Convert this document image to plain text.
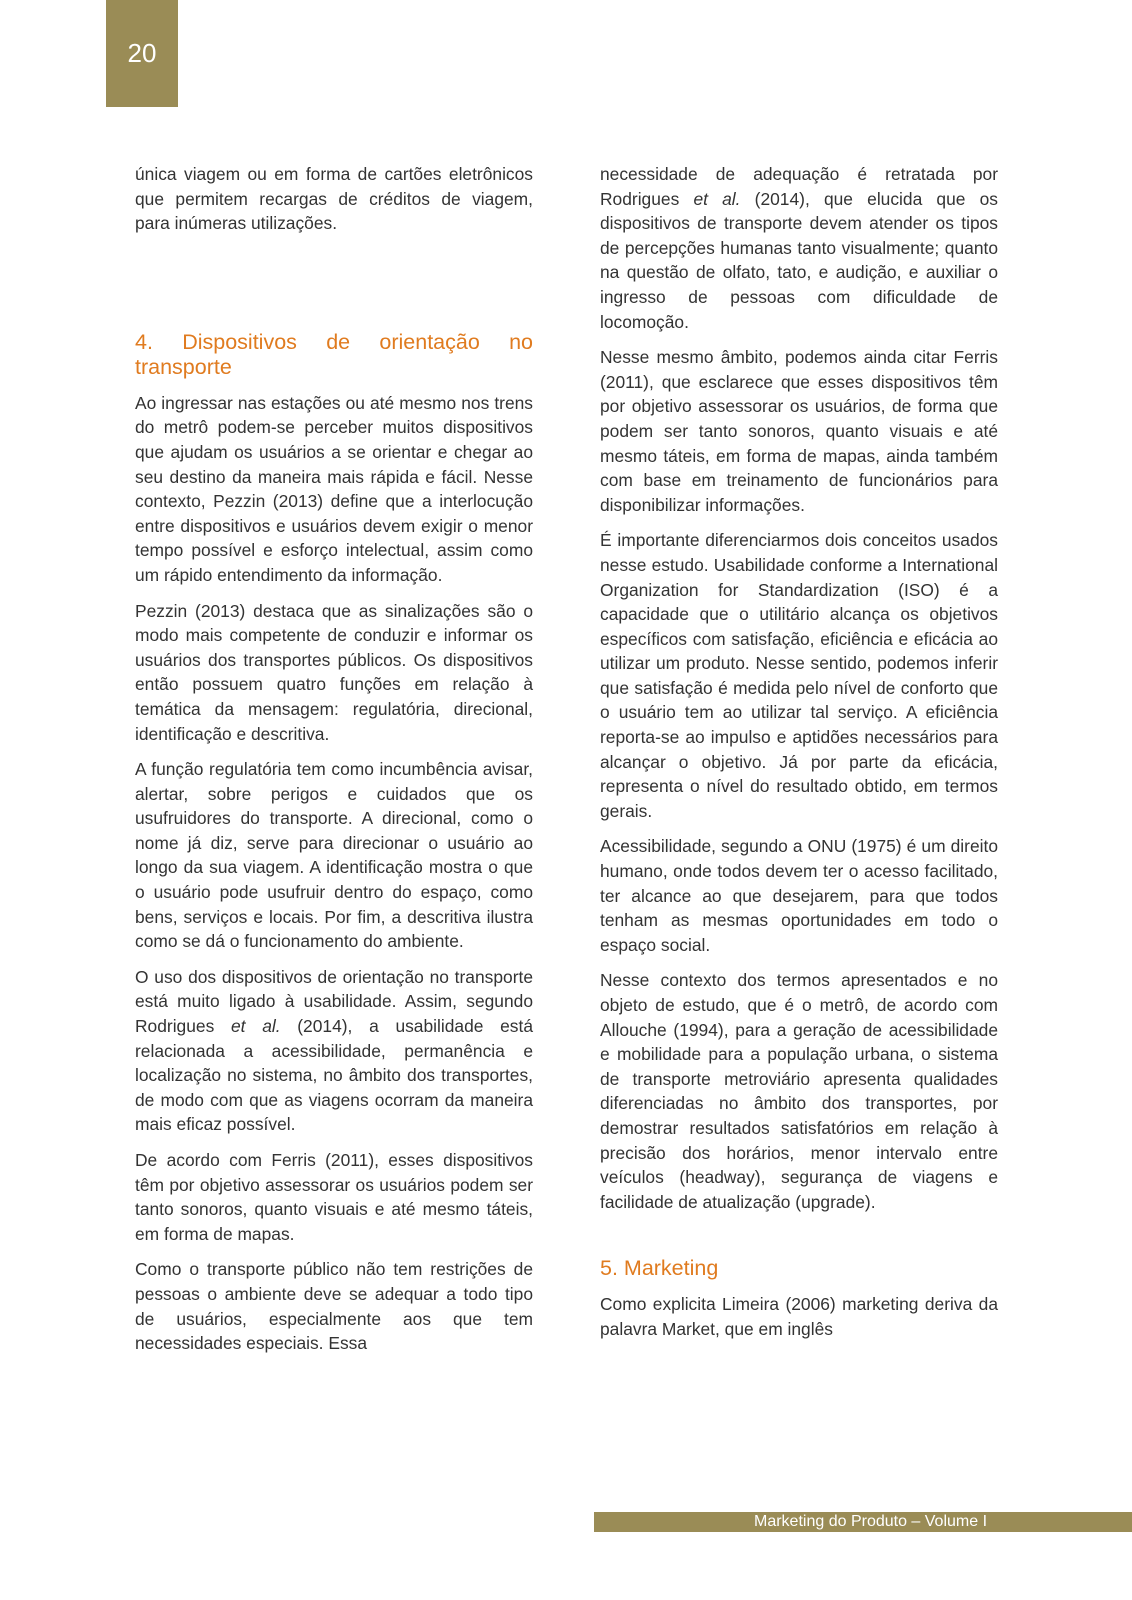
20

única viagem ou em forma de cartões eletrônicos que permitem recargas de créditos de viagem, para inúmeras utilizações.

4. Dispositivos de orientação no transporte

Ao ingressar nas estações ou até mesmo nos trens do metrô podem-se perceber muitos dispositivos que ajudam os usuários a se orientar e chegar ao seu destino da maneira mais rápida e fácil. Nesse contexto, Pezzin (2013) define que a interlocução entre dispositivos e usuários devem exigir o menor tempo possível e esforço intelectual, assim como um rápido entendimento da informação.

Pezzin (2013) destaca que as sinalizações são o modo mais competente de conduzir e informar os usuários dos transportes públicos. Os dispositivos então possuem quatro funções em relação à temática da mensagem: regulatória, direcional, identificação e descritiva.

A função regulatória tem como incumbência avisar, alertar, sobre perigos e cuidados que os usufruidores do transporte. A direcional, como o nome já diz, serve para direcionar o usuário ao longo da sua viagem. A identificação mostra o que o usuário pode usufruir dentro do espaço, como bens, serviços e locais. Por fim, a descritiva ilustra como se dá o funcionamento do ambiente.

O uso dos dispositivos de orientação no transporte está muito ligado à usabilidade. Assim, segundo Rodrigues et al. (2014), a usabilidade está relacionada a acessibilidade, permanência e localização no sistema, no âmbito dos transportes, de modo com que as viagens ocorram da maneira mais eficaz possível.

De acordo com Ferris (2011), esses dispositivos têm por objetivo assessorar os usuários podem ser tanto sonoros, quanto visuais e até mesmo táteis, em forma de mapas.

Como o transporte público não tem restrições de pessoas o ambiente deve se adequar a todo tipo de usuários, especialmente aos que tem necessidades especiais. Essa

necessidade de adequação é retratada por Rodrigues et al. (2014), que elucida que os dispositivos de transporte devem atender os tipos de percepções humanas tanto visualmente; quanto na questão de olfato, tato, e audição, e auxiliar o ingresso de pessoas com dificuldade de locomoção.

Nesse mesmo âmbito, podemos ainda citar Ferris (2011), que esclarece que esses dispositivos têm por objetivo assessorar os usuários, de forma que podem ser tanto sonoros, quanto visuais e até mesmo táteis, em forma de mapas, ainda também com base em treinamento de funcionários para disponibilizar informações.

É importante diferenciarmos dois conceitos usados nesse estudo. Usabilidade conforme a International Organization for Standardization (ISO) é a capacidade que o utilitário alcança os objetivos específicos com satisfação, eficiência e eficácia ao utilizar um produto. Nesse sentido, podemos inferir que satisfação é medida pelo nível de conforto que o usuário tem ao utilizar tal serviço. A eficiência reporta-se ao impulso e aptidões necessários para alcançar o objetivo. Já por parte da eficácia, representa o nível do resultado obtido, em termos gerais.

Acessibilidade, segundo a ONU (1975) é um direito humano, onde todos devem ter o acesso facilitado, ter alcance ao que desejarem, para que todos tenham as mesmas oportunidades em todo o espaço social.

Nesse contexto dos termos apresentados e no objeto de estudo, que é o metrô, de acordo com Allouche (1994), para a geração de acessibilidade e mobilidade para a população urbana, o sistema de transporte metroviário apresenta qualidades diferenciadas no âmbito dos transportes, por demostrar resultados satisfatórios em relação à precisão dos horários, menor intervalo entre veículos (headway), segurança de viagens e facilidade de atualização (upgrade).

5. Marketing

Como explicita Limeira (2006) marketing deriva da palavra Market, que em inglês

Marketing do Produto – Volume I
